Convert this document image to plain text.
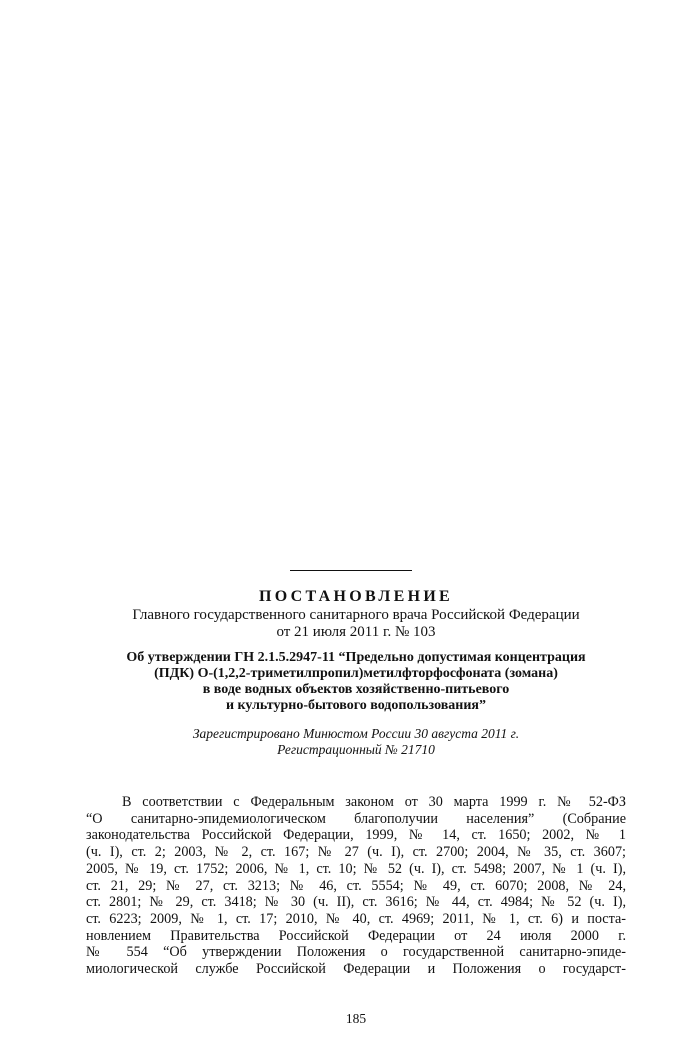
ПОСТАНОВЛЕНИЕ
Главного государственного санитарного врача Российской Федерации
от 21 июля 2011 г. № 103
Об утверждении ГН 2.1.5.2947-11 “Предельно допустимая концентрация
(ПДК) О-(1,2,2-триметилпропил)метилфторфосфоната (зомана)
в воде водных объектов хозяйственно-питьевого
и культурно-бытового водопользования”
Зарегистрировано Минюстом России 30 августа 2011 г.
Регистрационный № 21710
В соответствии с Федеральным законом от 30 марта 1999 г. № 52-ФЗ
“О санитарно-эпидемиологическом благополучии населения” (Собрание
законодательства Российской Федерации, 1999, № 14, ст. 1650; 2002, № 1
(ч. I), ст. 2; 2003, № 2, ст. 167; № 27 (ч. I), ст. 2700; 2004, № 35, ст. 3607;
2005, № 19, ст. 1752; 2006, № 1, ст. 10; № 52 (ч. I), ст. 5498; 2007, № 1 (ч. I),
ст. 21, 29; № 27, ст. 3213; № 46, ст. 5554; № 49, ст. 6070; 2008, № 24,
ст. 2801; № 29, ст. 3418; № 30 (ч. II), ст. 3616; № 44, ст. 4984; № 52 (ч. I),
ст. 6223; 2009, № 1, ст. 17; 2010, № 40, ст. 4969; 2011, № 1, ст. 6) и поста-
новлением Правительства Российской Федерации от 24 июля 2000 г.
№ 554 “Об утверждении Положения о государственной санитарно-эпиде-
миологической службе Российской Федерации и Положения о государст-
185
